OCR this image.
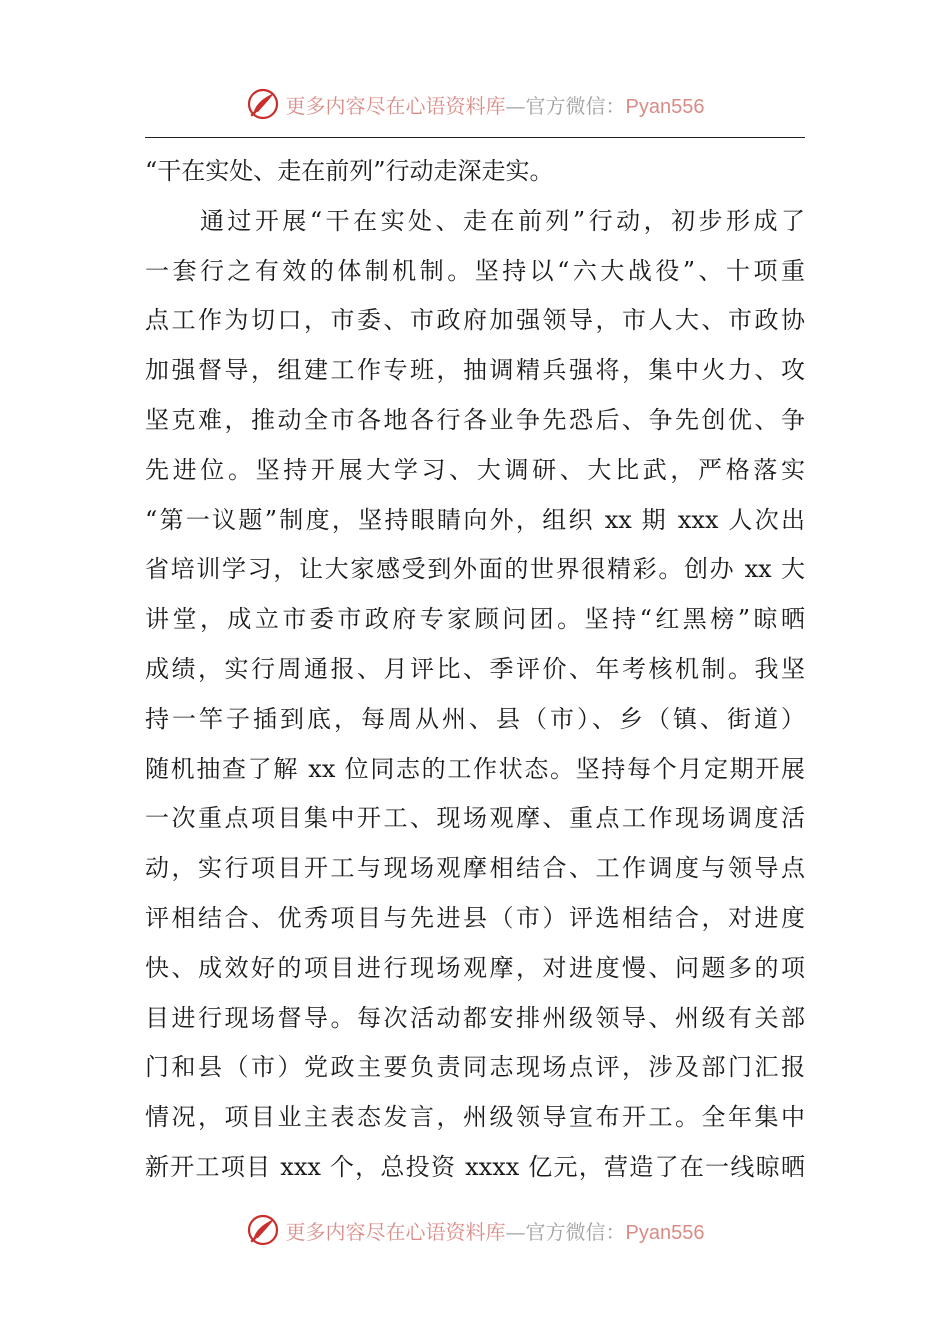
更多内容尽在心语资料库—官方微信：Pyan556
“干在实处、走在前列”行动走深走实。
　　通过开展“干在实处、走在前列”行动，初步形成了
一套行之有效的体制机制。坚持以“六大战役”、十项重
点工作为切口，市委、市政府加强领导，市人大、市政协
加强督导，组建工作专班，抽调精兵强将，集中火力、攻
坚克难，推动全市各地各行各业争先恐后、争先创优、争
先进位。坚持开展大学习、大调研、大比武，严格落实
“第一议题”制度，坚持眼睛向外，组织 xx 期 xxx 人次出
省培训学习，让大家感受到外面的世界很精彩。创办 xx 大
讲堂，成立市委市政府专家顾问团。坚持“红黑榜”晾晒
成绩，实行周通报、月评比、季评价、年考核机制。我坚
持一竿子插到底，每周从州、县（市）、乡（镇、街道）
随机抽查了解 xx 位同志的工作状态。坚持每个月定期开展
一次重点项目集中开工、现场观摩、重点工作现场调度活
动，实行项目开工与现场观摩相结合、工作调度与领导点
评相结合、优秀项目与先进县（市）评选相结合，对进度
快、成效好的项目进行现场观摩，对进度慢、问题多的项
目进行现场督导。每次活动都安排州级领导、州级有关部
门和县（市）党政主要负责同志现场点评，涉及部门汇报
情况，项目业主表态发言，州级领导宣布开工。全年集中
新开工项目 xxx 个，总投资 xxxx 亿元，营造了在一线晾晒
更多内容尽在心语资料库—官方微信：Pyan556
